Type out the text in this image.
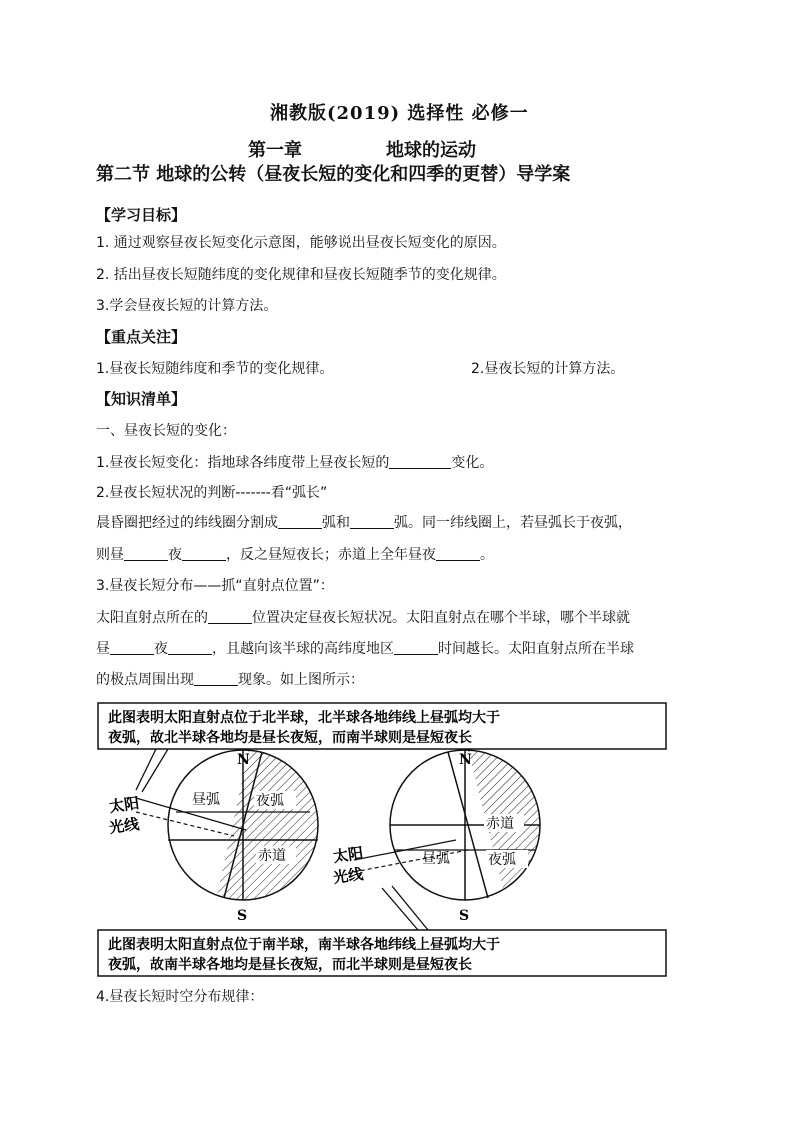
湘教版(2019) 选择性 必修一
第一章	地球的运动
第二节 地球的公转（昼夜长短的变化和四季的更替）导学案
【学习目标】
1. 通过观察昼夜长短变化示意图，能够说出昼夜长短变化的原因。
2. 括出昼夜长短随纬度的变化规律和昼夜长短随季节的变化规律。
3.学会昼夜长短的计算方法。
【重点关注】
1.昼夜长短随纬度和季节的变化规律。	2.昼夜长短的计算方法。
【知识清单】
一、昼夜长短的变化：
1.昼夜长短变化：指地球各纬度带上昼夜长短的	变化。
2.昼夜长短状况的判断-------看“弧长”
晨昏圈把经过的纬线圈分割成	弧和	弧。同一纬线圈上，若昼弧长于夜弧，
则昼	夜	，反之昼短夜长；赤道上全年昼夜	。
3.昼夜长短分布——抓“直射点位置”：
太阳直射点所在的	位置决定昼夜长短状况。太阳直射点在哪个半球，哪个半球就
昼	夜	，且越向该半球的高纬度地区	时间越长。太阳直射点所在半球
的极点周围出现	现象。如上图所示：
此图表明太阳直射点位于北半球，北半球各地纬线上昼弧均大于
夜弧，故北半球各地均是昼长夜短，而南半球则是昼短夜长
N
S
昼弧	夜弧
赤道
太阳
光线
N
S
赤道
昼弧	夜弧
太阳
光线
此图表明太阳直射点位于南半球，南半球各地纬线上昼弧均大于
夜弧，故南半球各地均是昼长夜短，而北半球则是昼短夜长
4.昼夜长短时空分布规律：
